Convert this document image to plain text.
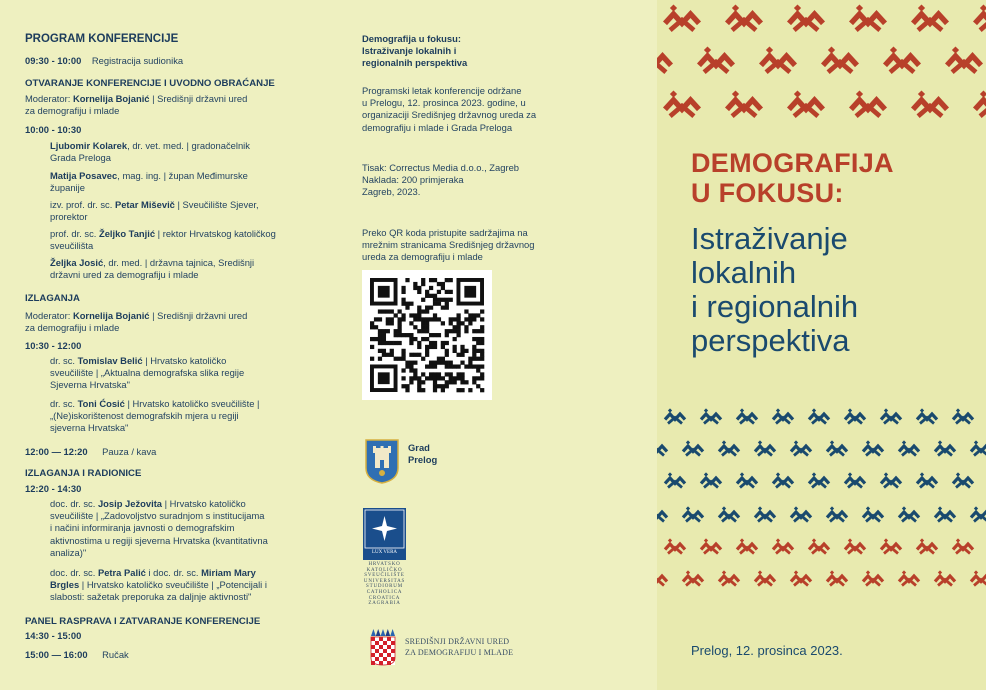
PROGRAM KONFERENCIJE
09:30 - 10:00 Registracija sudionika
OTVARANJE KONFERENCIJE I UVODNO OBRAĆANJE
Moderator: Kornelija Bojanić | Središnji državni ured
za demografiju i mlade
10:00 - 10:30
Ljubomir Kolarek, dr. vet. med. | gradonačelnik
Grada Preloga
Matija Posavec, mag. ing. | župan Međimurske
županije
izv. prof. dr. sc. Petar Miševič | Sveučilište Sjever,
prorektor
prof. dr. sc. Željko Tanjić | rektor Hrvatskog katoličkog
sveučilišta
Željka Josić, dr. med. | državna tajnica, Središnji
državni ured za demografiju i mlade
IZLAGANJA
Moderator: Kornelija Bojanić | Središnji državni ured
za demografiju i mlade
10:30 - 12:00
dr. sc. Tomislav Belić | Hrvatsko katoličko
sveučilište | „Aktualna demografska slika regije
Sjeverna Hrvatska"
dr. sc. Toni Ćosić | Hrvatsko katoličko sveučilište |
„(Ne)iskorištenost demografskih mjera u regiji
sjeverna Hrvatska"
12:00 — 12:20 Pauza / kava
IZLAGANJA I RADIONICE
12:20 - 14:30
doc. dr. sc. Josip Ježovita | Hrvatsko katoličko
sveučilište | „Zadovoljstvo suradnjom s institucijama
i načini informiranja javnosti o demografskim
aktivnostima u regiji sjeverna Hrvatska (kvantitativna
analiza)"
doc. dr. sc. Petra Palić i doc. dr. sc. Miriam Mary
Brgles | Hrvatsko katoličko sveučilište | „Potencijali i
slabosti: sažetak preporuka za daljnje aktivnosti"
PANEL RASPRAVA I ZATVARANJE KONFERENCIJE
14:30 - 15:00
15:00 — 16:00 Ručak
Demografija u fokusu:
Istraživanje lokalnih i
regionalnih perspektiva
Programski letak konferencije održane
u Prelogu, 12. prosinca 2023. godine, u
organizaciji Središnjeg državnog ureda za
demografiju i mlade i Grada Preloga
Tisak: Correctus Media d.o.o., Zagreb
Naklada: 200 primjeraka
Zagreb, 2023.
Preko QR koda pristupite sadržajima na
mrežnim stranicama Središnjeg državnog
ureda za demografiju i mlade
Grad
Prelog
LUX VERA
HRVATSKO
KATOLIČKO
SVEUČILIŠTE
UNIVERSITAS
STUDIORUM
CATHOLICA
CROATICA
ZAGRABIA
SREDIŠNJI DRŽAVNI URED
ZA DEMOGRAFIJU I MLADE
DEMOGRAFIJA
U FOKUSU:
Istraživanje
lokalnih
i regionalnih
perspektiva
Prelog, 12. prosinca 2023.
